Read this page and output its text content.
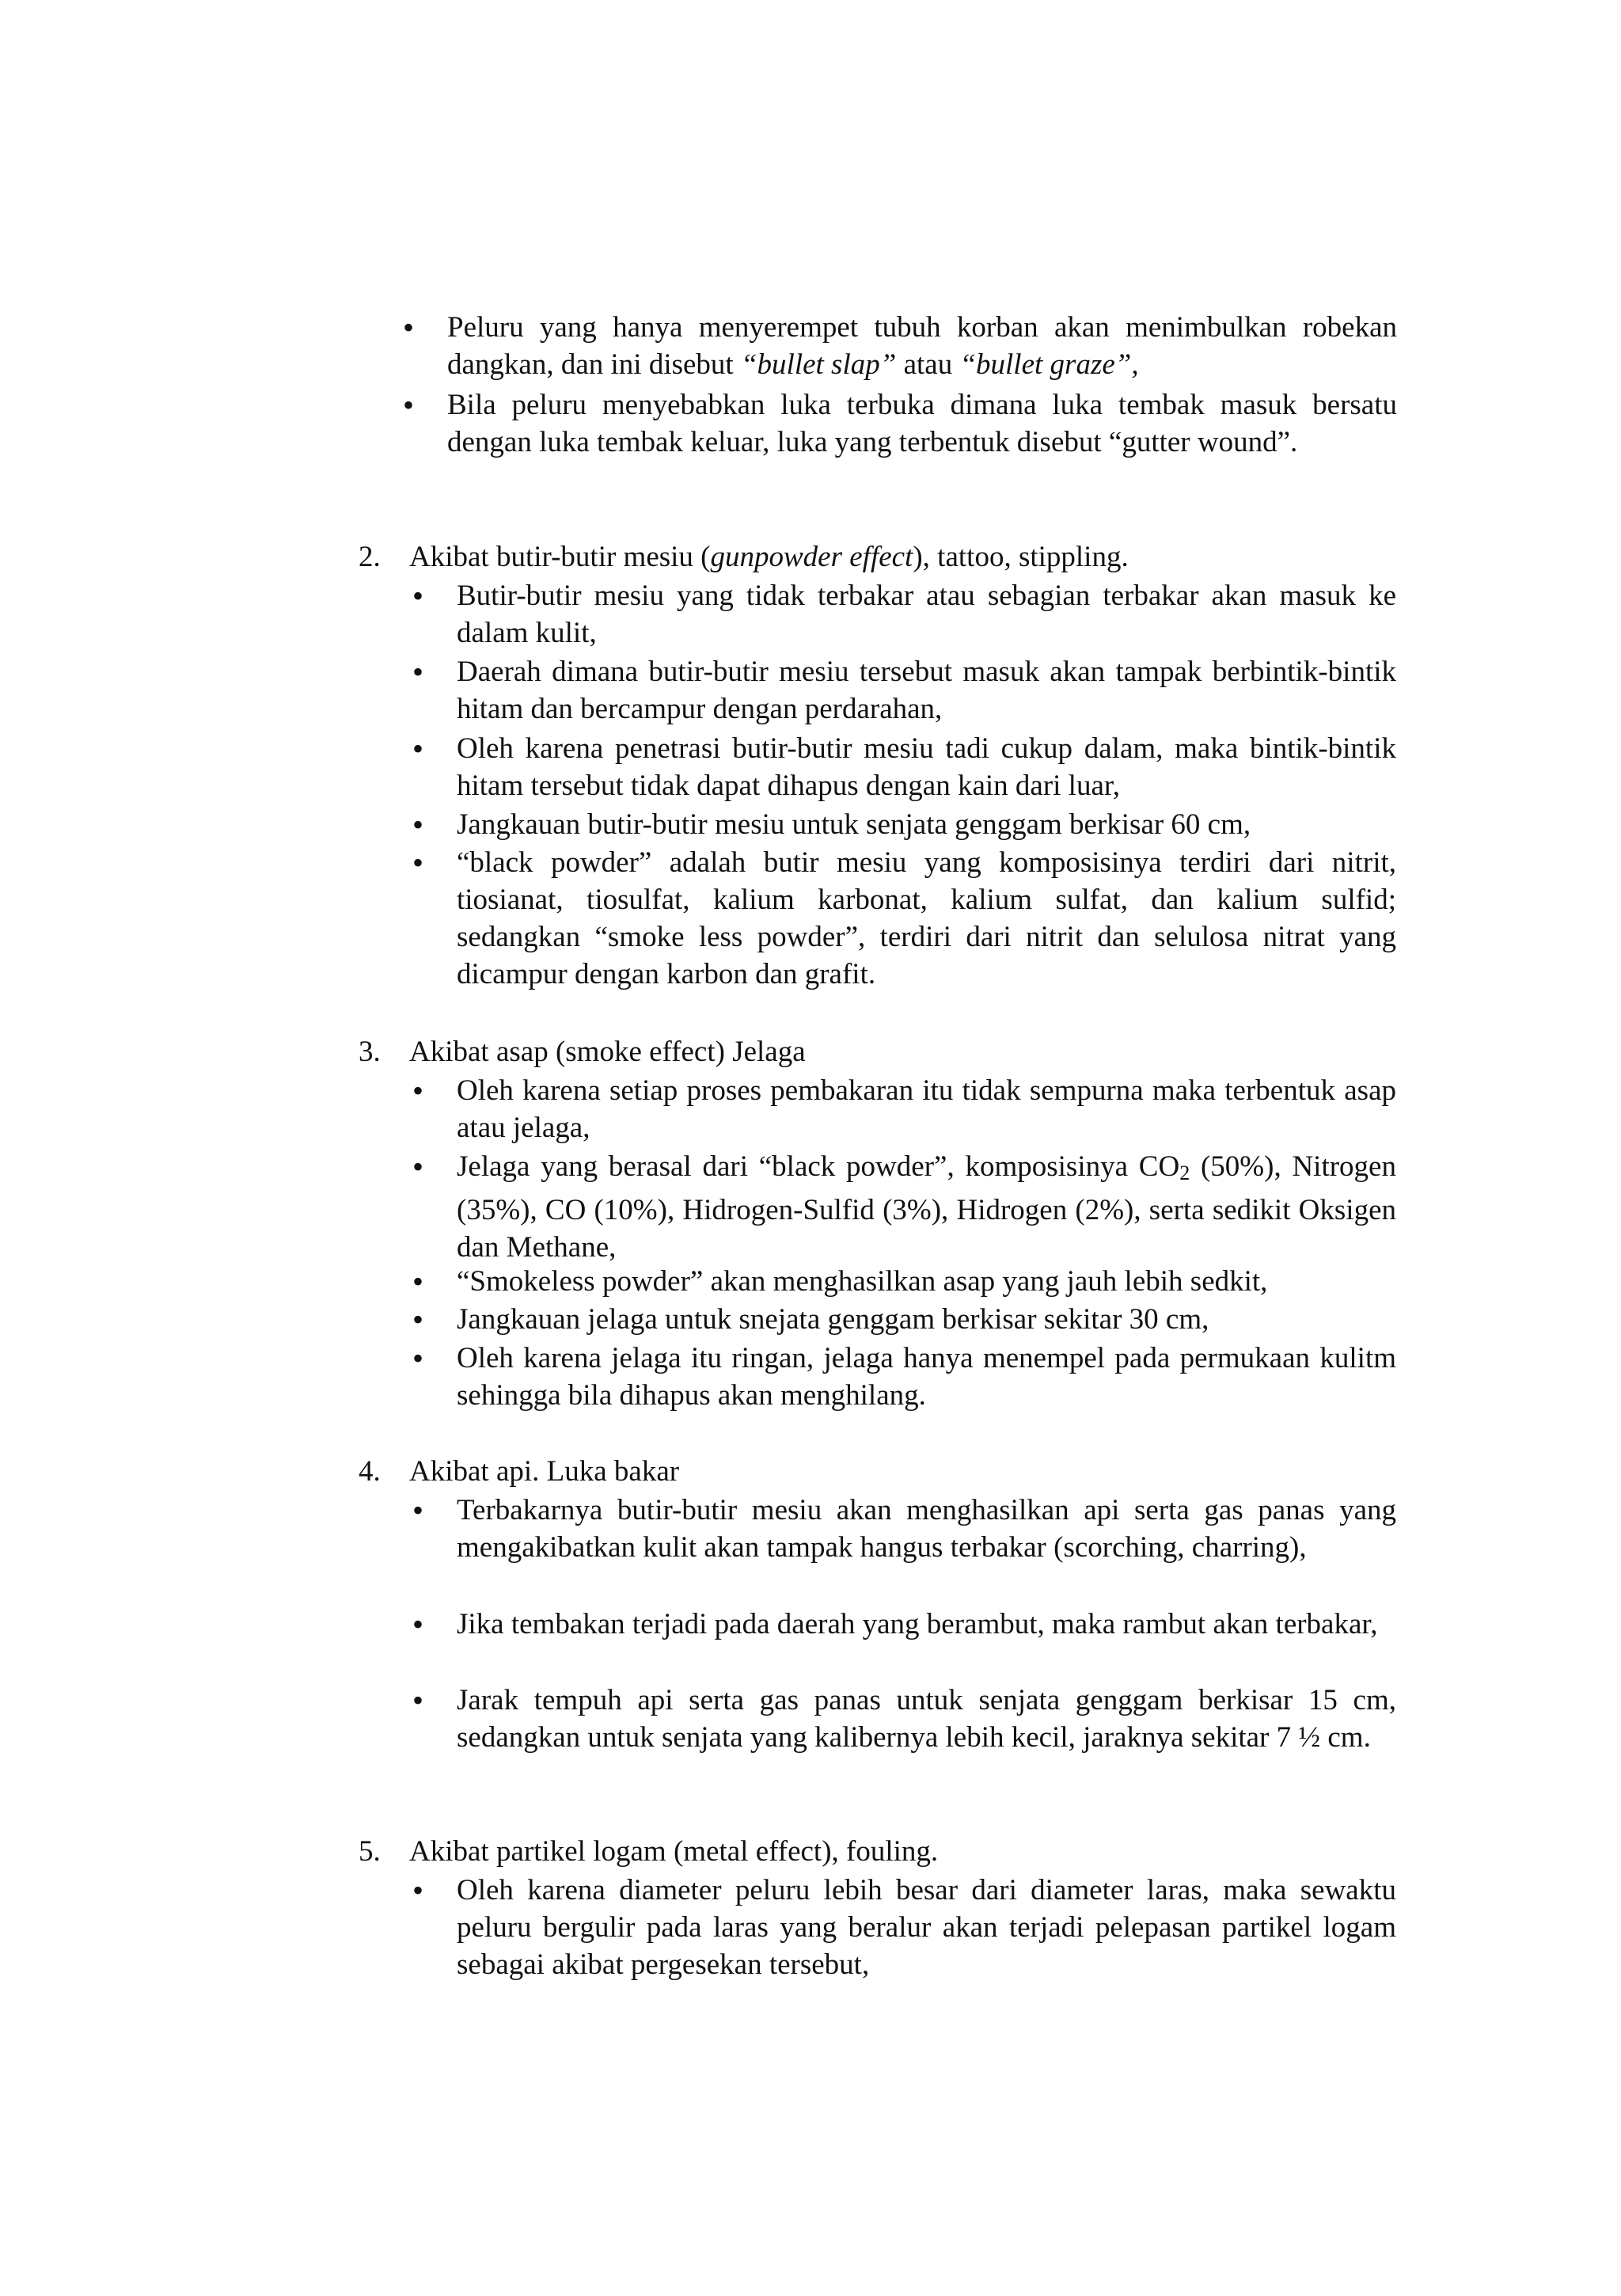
• Peluru yang hanya menyerempet tubuh korban akan menimbulkan robekan dangkan, dan ini disebut “bullet slap” atau “bullet graze”,
• Bila peluru menyebabkan luka terbuka dimana luka tembak masuk bersatu dengan luka tembak keluar, luka yang terbentuk disebut “gutter wound”.
2. Akibat butir-butir mesiu (gunpowder effect), tattoo, stippling.
• Butir-butir mesiu yang tidak terbakar atau sebagian terbakar akan masuk ke dalam kulit,
• Daerah dimana butir-butir mesiu tersebut masuk akan tampak berbintik-bintik hitam dan bercampur dengan perdarahan,
• Oleh karena penetrasi butir-butir mesiu tadi cukup dalam, maka bintik-bintik hitam tersebut tidak dapat dihapus dengan kain dari luar,
• Jangkauan butir-butir mesiu untuk senjata genggam berkisar 60 cm,
• “black powder” adalah butir mesiu yang komposisinya terdiri dari nitrit, tiosianat, tiosulfat, kalium karbonat, kalium sulfat, dan kalium sulfid; sedangkan “smoke less powder”, terdiri dari nitrit dan selulosa nitrat yang dicampur dengan karbon dan grafit.
3. Akibat asap (smoke effect) Jelaga
• Oleh karena setiap proses pembakaran itu tidak sempurna maka terbentuk asap atau jelaga,
• Jelaga yang berasal dari “black powder”, komposisinya $CO_2$ (50%), Nitrogen (35%), CO (10%), Hidrogen-Sulfid (3%), Hidrogen (2%), serta sedikit Oksigen dan Methane,
• “Smokeless powder” akan menghasilkan asap yang jauh lebih sedkit,
• Jangkauan jelaga untuk snejata genggam berkisar sekitar 30 cm,
• Oleh karena jelaga itu ringan, jelaga hanya menempel pada permukaan kulitm sehingga bila dihapus akan menghilang.
4. Akibat api. Luka bakar
• Terbakarnya butir-butir mesiu akan menghasilkan api serta gas panas yang mengakibatkan kulit akan tampak hangus terbakar (scorching, charring),
• Jika tembakan terjadi pada daerah yang berambut, maka rambut akan terbakar,
• Jarak tempuh api serta gas panas untuk senjata genggam berkisar 15 cm, sedangkan untuk senjata yang kalibernya lebih kecil, jaraknya sekitar 7 ½ cm.
5. Akibat partikel logam (metal effect), fouling.
• Oleh karena diameter peluru lebih besar dari diameter laras, maka sewaktu peluru bergulir pada laras yang beralur akan terjadi pelepasan partikel logam sebagai akibat pergesekan tersebut,
